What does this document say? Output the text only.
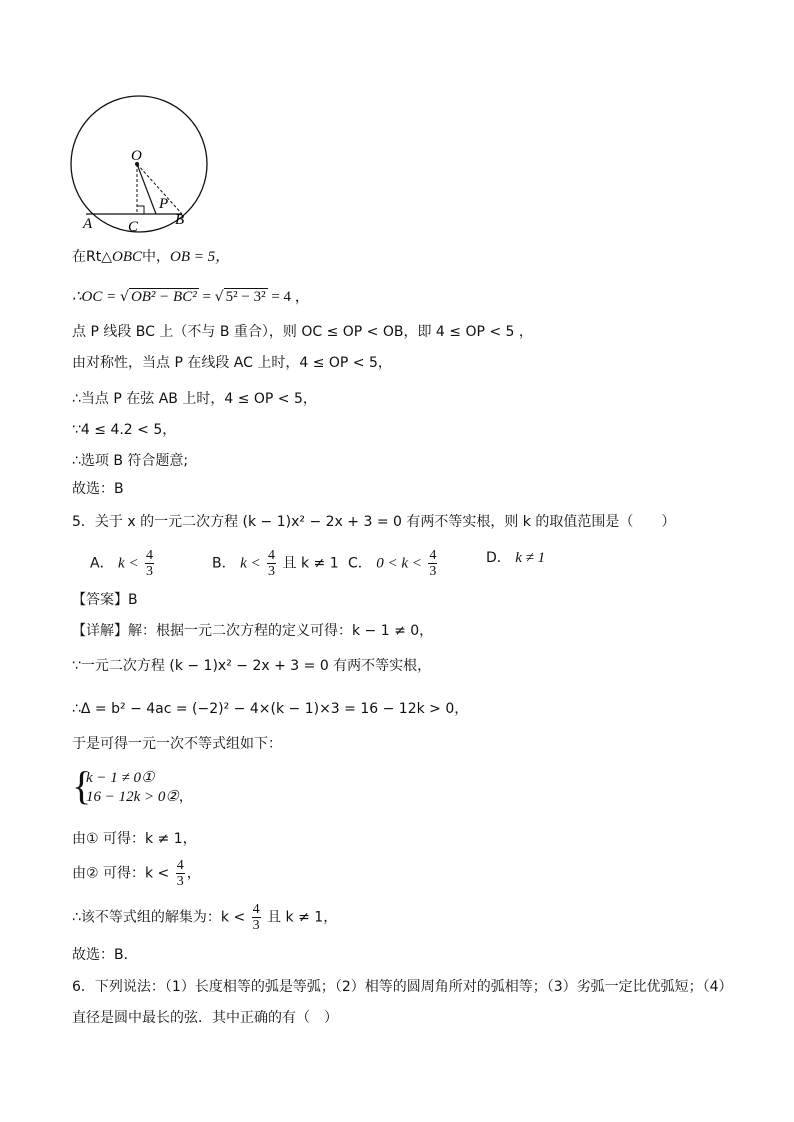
O
P
A C B
在Rt△OBC中，OB = 5，
∴OC = √ OB² − BC² = √ 5² − 3² = 4 ，
点 P 线段 BC 上（不与 B 重合），则 OC ≤ OP < OB，即 4 ≤ OP < 5 ，
由对称性，当点 P 在线段 AC 上时，4 ≤ OP < 5，
∴当点 P 在弦 AB 上时，4 ≤ OP < 5，
∵4 ≤ 4.2 < 5，
∴选项 B 符合题意;
故选：B
5．关于 x 的一元二次方程 (k − 1)x² − 2x + 3 = 0 有两不等实根，则 k 的取值范围是（　　）
A． $k < \frac{4}{3}$	B． $k < \frac{4}{3}$ 且 k ≠ 1 C． $0 < k < \frac{4}{3}$	D． k ≠ 1
【答案】B
【详解】解：根据一元二次方程的定义可得：k − 1 ≠ 0，
∵一元二次方程 (k − 1)x² − 2x + 3 = 0 有两不等实根，
∴Δ = b² − 4ac = (−2)² − 4×(k − 1)×3 = 16 − 12k > 0，
于是可得一元一次不等式组如下：
{
k − 1 ≠ 0①
16 − 12k > 0②，
由① 可得：k ≠ 1，
由② 可得：$k < \frac{4}{3}$ ，
∴该不等式组的解集为：$k < \frac{4}{3}$ 且 k ≠ 1，
故选：B．
6．下列说法：（1）长度相等的弧是等弧；（2）相等的圆周角所对的弧相等；（3）劣弧一定比优弧短；（4）
直径是圆中最长的弦．其中正确的有（　）
